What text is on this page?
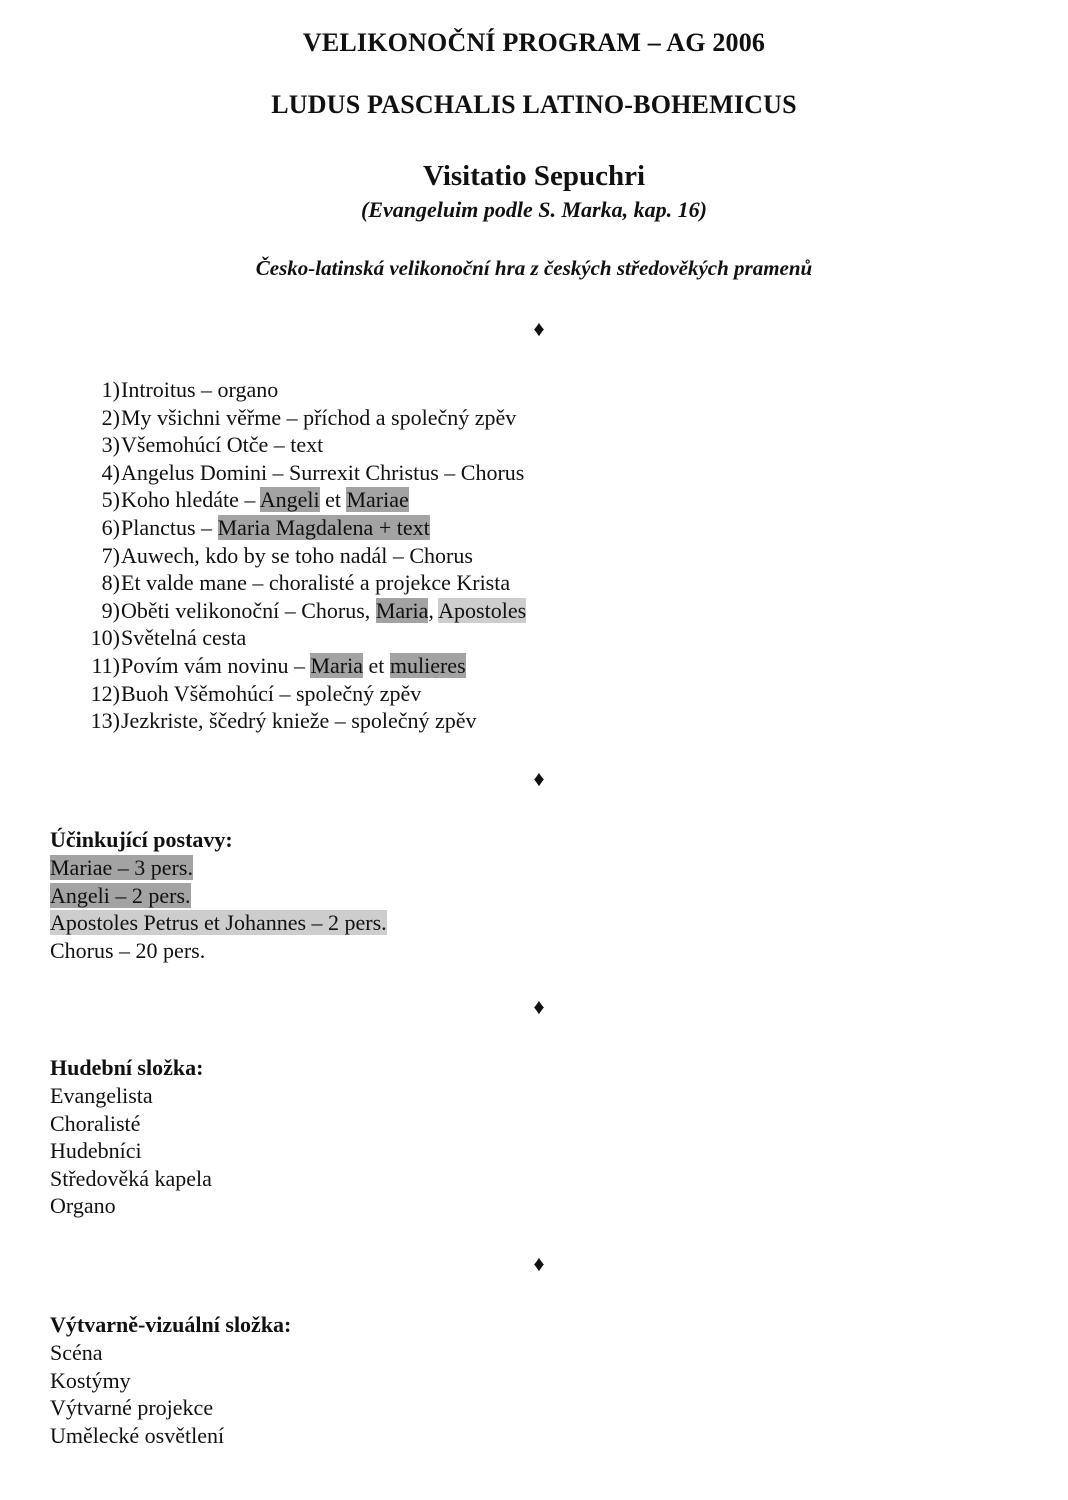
VELIKONOČNÍ PROGRAM – AG 2006
LUDUS PASCHALIS LATINO-BOHEMICUS
Visitatio Sepuchri
(Evangeluim podle S. Marka, kap. 16)
Česko-latinská velikonoční hra z českých středověkých pramenů
♦
1)Introitus – organo
2)My všichni věřme – příchod a společný zpěv
3)Všemohúcí Otče – text
4)Angelus Domini – Surrexit Christus – Chorus
5)Koho hledáte – Angeli et Mariae
6)Planctus – Maria Magdalena + text
7)Auwech, kdo by se toho nadál – Chorus
8)Et valde mane – choralisté a projekce Krista
9)Oběti velikonoční – Chorus, Maria, Apostoles
10)Světelná cesta
11)Povím vám novinu – Maria et mulieres
12)Buoh Všěmohúcí – společný zpěv
13)Jezkriste, ščedrý knieže – společný zpěv
♦
Účinkující postavy:
Mariae – 3 pers.
Angeli – 2 pers.
Apostoles Petrus et Johannes – 2 pers.
Chorus – 20 pers.
♦
Hudební složka:
Evangelista
Choralisté
Hudebníci
Středověká kapela
Organo
♦
Výtvarně-vizuální složka:
Scéna
Kostýmy
Výtvarné projekce
Umělecké osvětlení
